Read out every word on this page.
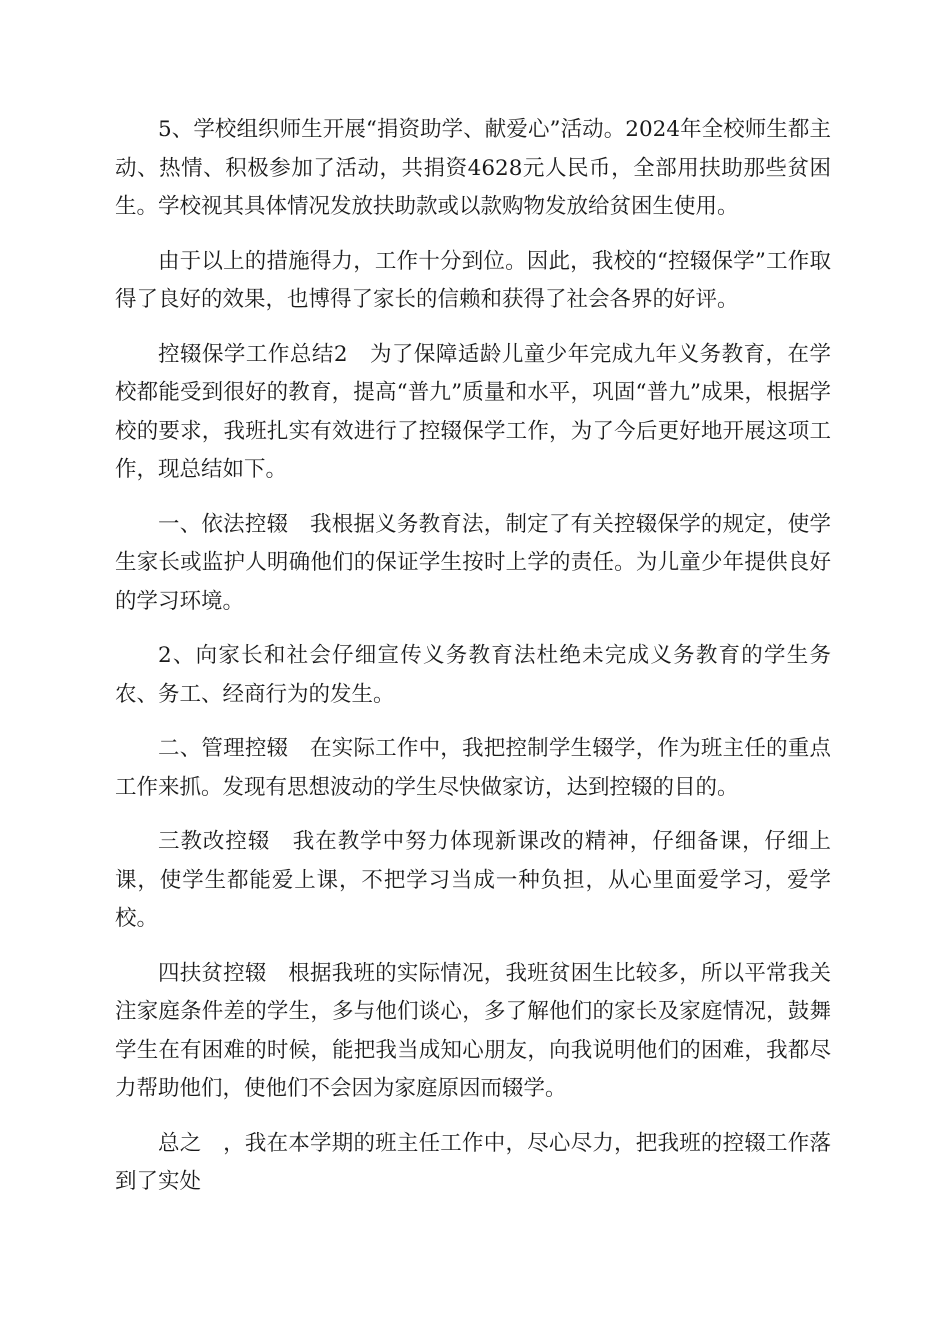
5、学校组织师生开展“捐资助学、献爱心”活动。2024年全校师生都主动、热情、积极参加了活动，共捐资4628元人民币，全部用扶助那些贫困生。学校视其具体情况发放扶助款或以款购物发放给贫困生使用。

由于以上的措施得力，工作十分到位。因此，我校的“控辍保学”工作取得了良好的效果，也博得了家长的信赖和获得了社会各界的好评。

控辍保学工作总结2　为了保障适龄儿童少年完成九年义务教育，在学校都能受到很好的教育，提高“普九”质量和水平，巩固“普九”成果，根据学校的要求，我班扎实有效进行了控辍保学工作，为了今后更好地开展这项工作，现总结如下。

一、依法控辍　我根据义务教育法，制定了有关控辍保学的规定，使学生家长或监护人明确他们的保证学生按时上学的责任。为儿童少年提供良好的学习环境。

2、向家长和社会仔细宣传义务教育法杜绝未完成义务教育的学生务农、务工、经商行为的发生。

二、管理控辍　在实际工作中，我把控制学生辍学，作为班主任的重点工作来抓。发现有思想波动的学生尽快做家访，达到控辍的目的。

三教改控辍　我在教学中努力体现新课改的精神，仔细备课，仔细上课，使学生都能爱上课，不把学习当成一种负担，从心里面爱学习，爱学校。

四扶贫控辍　根据我班的实际情况，我班贫困生比较多，所以平常我关注家庭条件差的学生，多与他们谈心，多了解他们的家长及家庭情况，鼓舞学生在有困难的时候，能把我当成知心朋友，向我说明他们的困难，我都尽力帮助他们，使他们不会因为家庭原因而辍学。

总之　，我在本学期的班主任工作中，尽心尽力，把我班的控辍工作落到了实处
